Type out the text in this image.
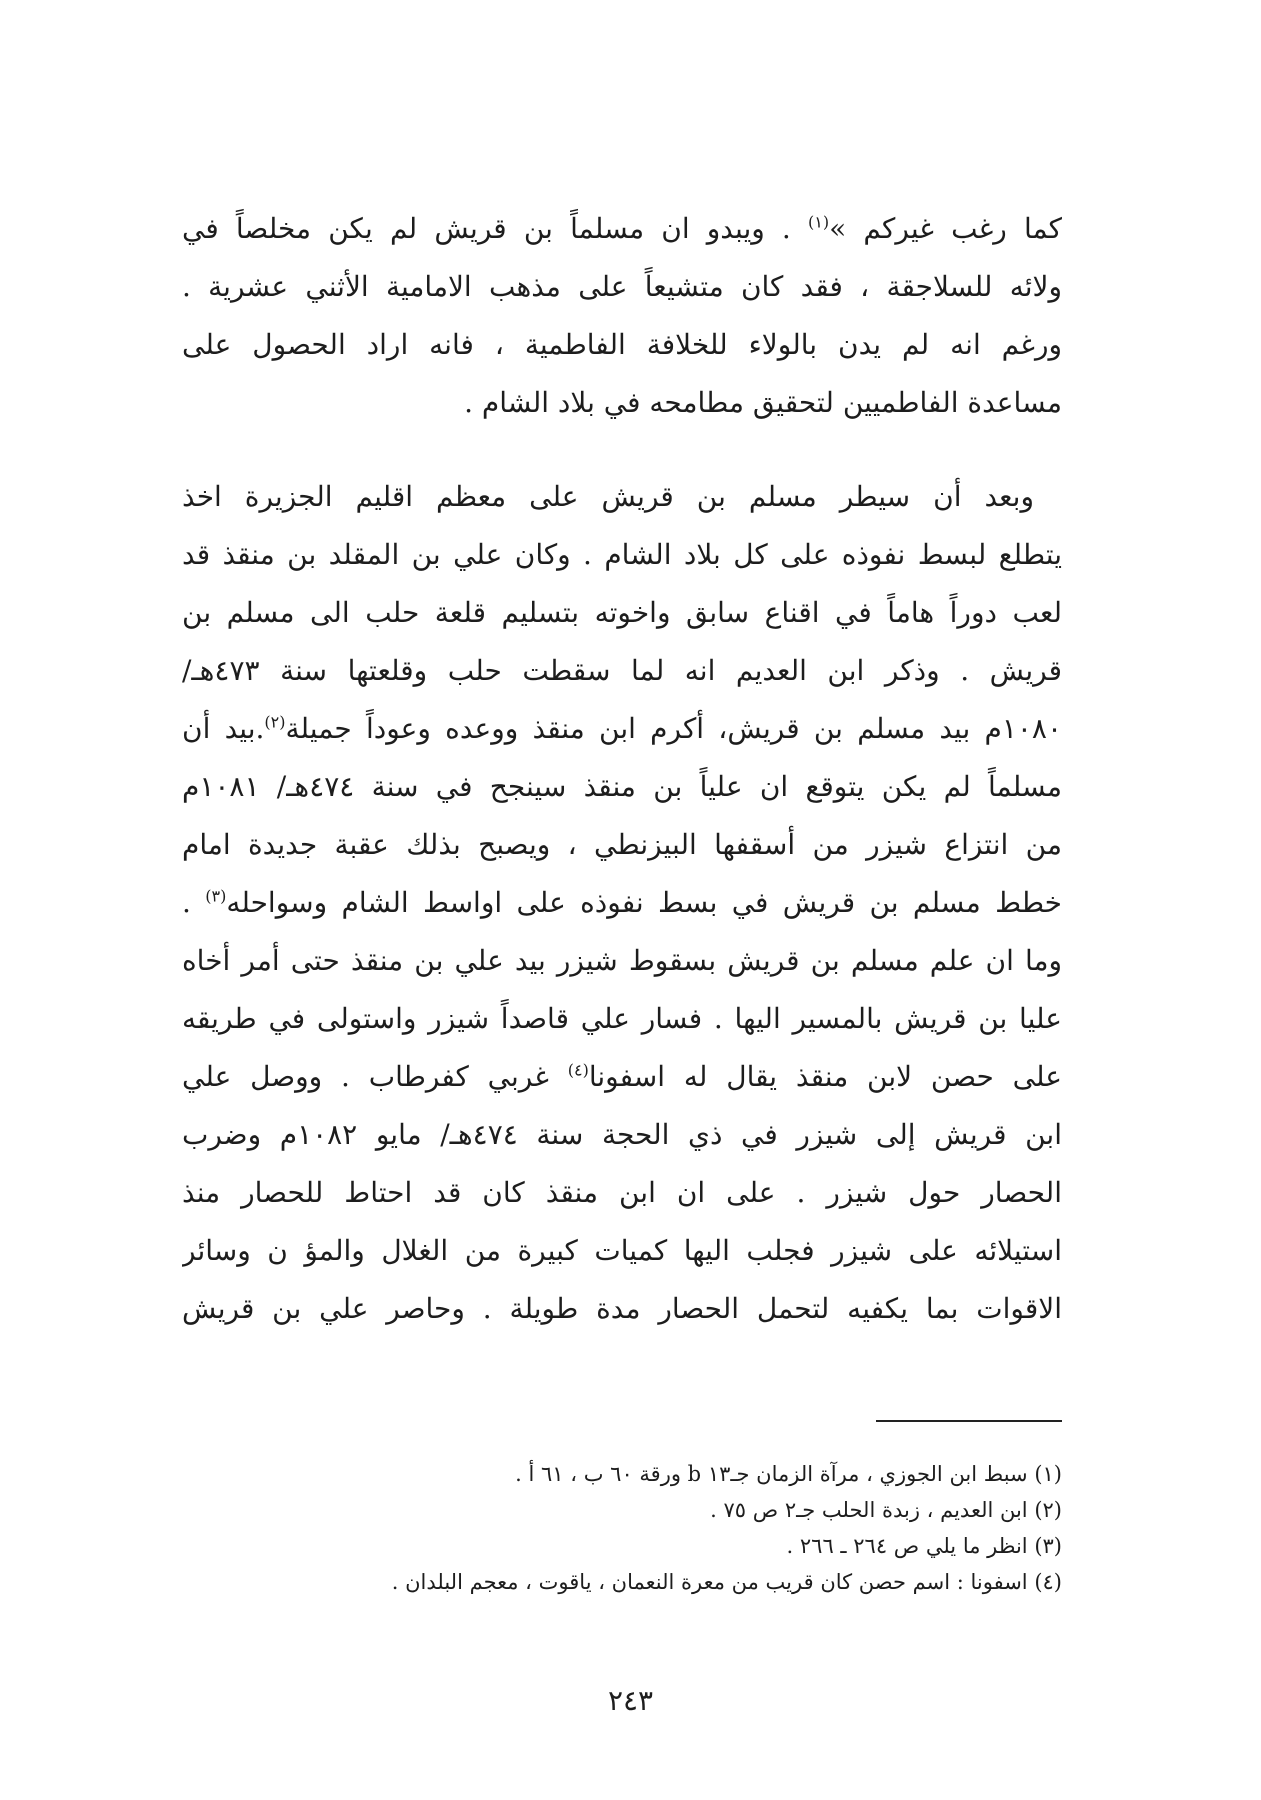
كما رغب غيركم »$^{(١)}$ . ويبدو ان مسلماً بن قريش لم يكن مخلصاً في
ولائه للسلاجقة ، فقد كان متشيعاً على مذهب الامامية الأثني عشرية .
ورغم انه لم يدن بالولاء للخلافة الفاطمية ، فانه اراد الحصول على
مساعدة الفاطميين لتحقيق مطامحه في بلاد الشام .
وبعد أن سيطر مسلم بن قريش على معظم اقليم الجزيرة اخذ
يتطلع لبسط نفوذه على كل بلاد الشام . وكان علي بن المقلد بن منقذ قد
لعب دوراً هاماً في اقناع سابق واخوته بتسليم قلعة حلب الى مسلم بن
قريش . وذكر ابن العديم انه لما سقطت حلب وقلعتها سنة ٤٧٣هـ/
١٠٨٠م بيد مسلم بن قريش، أكرم ابن منقذ ووعده وعوداً جميلة$^{(٢)}$.بيد أن
مسلماً لم يكن يتوقع ان علياً بن منقذ سينجح في سنة ٤٧٤هـ/ ١٠٨١م
من انتزاع شيزر من أسقفها البيزنطي ، ويصبح بذلك عقبة جديدة امام
خطط مسلم بن قريش في بسط نفوذه على اواسط الشام وسواحله$^{(٣)}$ .
وما ان علم مسلم بن قريش بسقوط شيزر بيد علي بن منقذ حتى أمر أخاه
عليا بن قريش بالمسير اليها . فسار علي قاصداً شيزر واستولى في طريقه
على حصن لابن منقذ يقال له اسفونا$^{(٤)}$ غربي كفرطاب . ووصل علي
ابن قريش إلى شيزر في ذي الحجة سنة ٤٧٤هـ/ مايو ١٠٨٢م وضرب
الحصار حول شيزر . على ان ابن منقذ كان قد احتاط للحصار منذ
استيلائه على شيزر فجلب اليها كميات كبيرة من الغلال والمؤ ن وسائر
الاقوات بما يكفيه لتحمل الحصار مدة طويلة . وحاصر علي بن قريش
(١) سبط ابن الجوزي ، مرآة الزمان جـ١٣ b ورقة ٦٠ ب ، ٦١ أ .
(٢) ابن العديم ، زبدة الحلب جـ٢ ص ٧٥ .
(٣) انظر ما يلي ص ٢٦٤ ـ ٢٦٦ .
(٤) اسفونا : اسم حصن كان قريب من معرة النعمان ، ياقوت ، معجم البلدان .
٢٤٣
